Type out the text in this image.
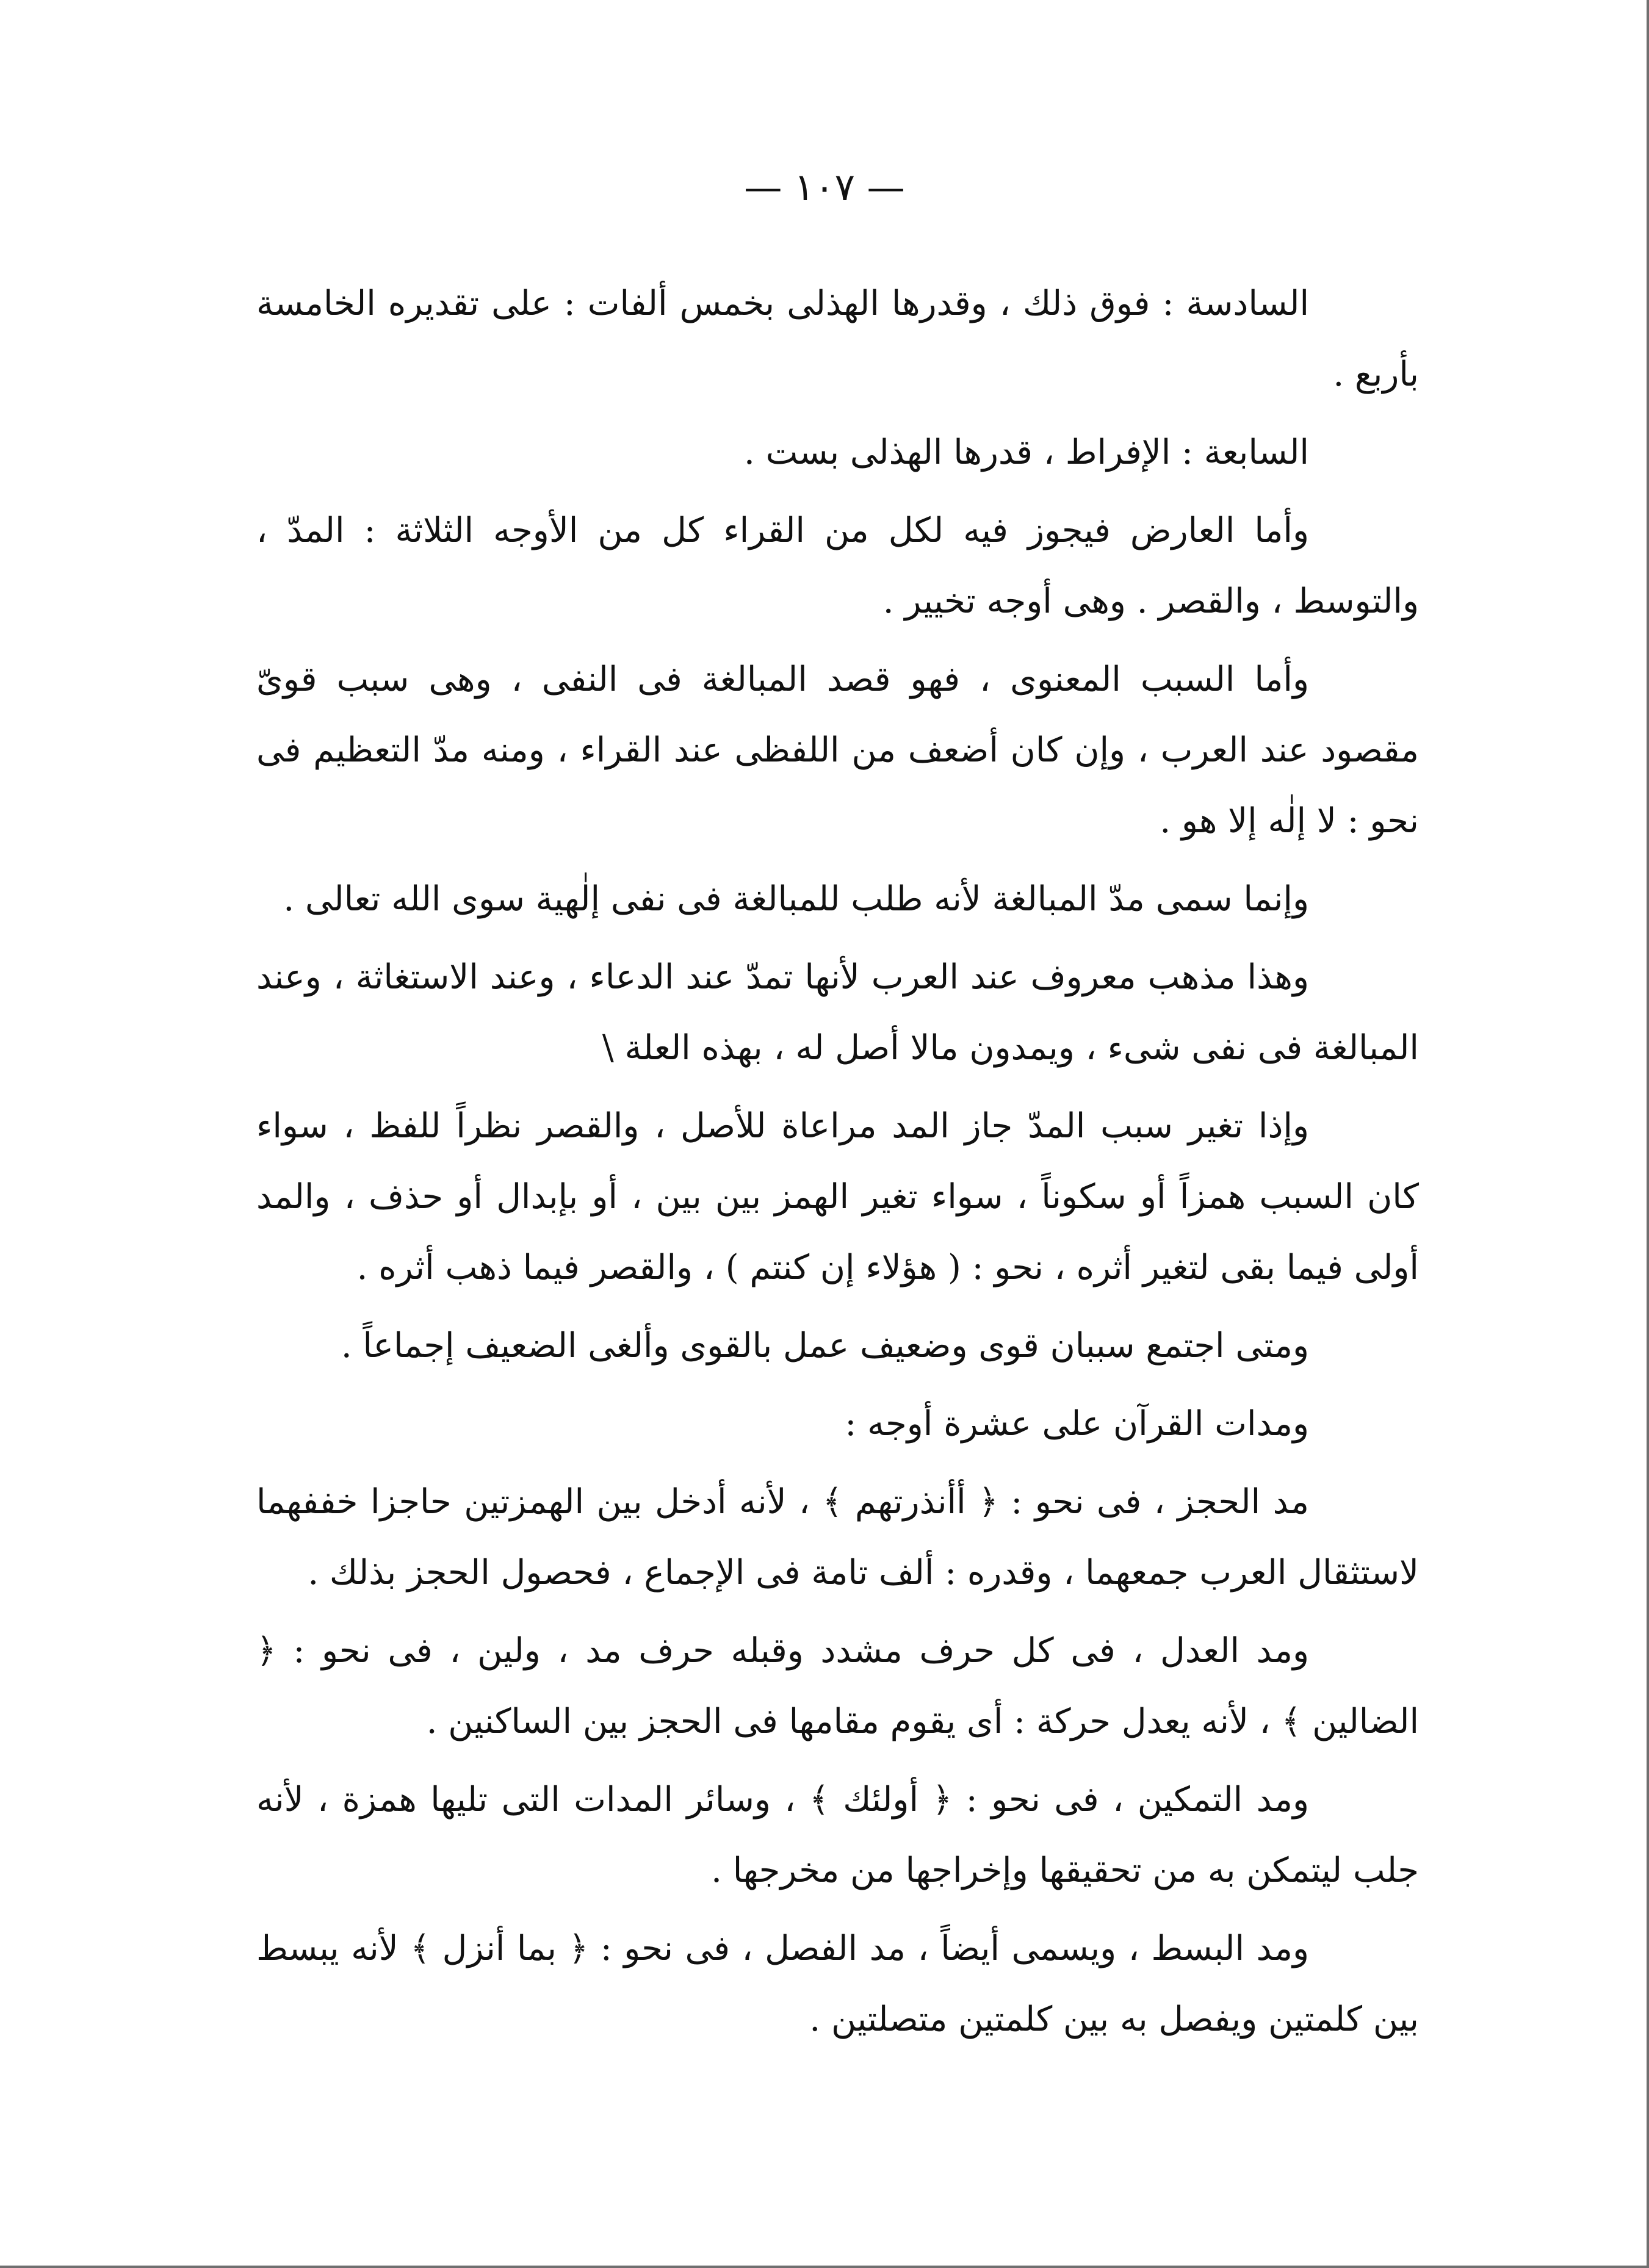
— ١٠٧ —

السادسة : فوق ذلك ، وقدرها الهذلى بخمس ألفات : على تقديره الخامسة بأربع .

السابعة : الإفراط ، قدرها الهذلى بست .

وأما العارض فيجوز فيه لكل من القراء كل من الأوجه الثلاثة : المدّ ، والتوسط ، والقصر . وهى أوجه تخيير .

وأما السبب المعنوى ، فهو قصد المبالغة فى النفى ، وهى سبب قوىّ مقصود عند العرب ، وإن كان أضعف من اللفظى عند القراء ، ومنه مدّ التعظيم فى نحو : لا إلٰه إلا هو .

وإنما سمى مدّ المبالغة لأنه طلب للمبالغة فى نفى إلٰهية سوى الله تعالى .

وهذا مذهب معروف عند العرب لأنها تمدّ عند الدعاء ، وعند الاستغاثة ، وعند المبالغة فى نفى شىء ، ويمدون مالا أصل له ، بهذه العلة \

وإذا تغير سبب المدّ جاز المد مراعاة للأصل ، والقصر نظراً للفظ ، سواء كان السبب همزاً أو سكوناً ، سواء تغير الهمز بين بين ، أو بإبدال أو حذف ، والمد أولى فيما بقى لتغير أثره ، نحو : ( هؤلاء إن كنتم ) ، والقصر فيما ذهب أثره .

ومتى اجتمع سببان قوى وضعيف عمل بالقوى وألغى الضعيف إجماعاً .

ومدات القرآن على عشرة أوجه :

مد الحجز ، فى نحو : ﴿ أأنذرتهم ﴾ ، لأنه أدخل بين الهمزتين حاجزا خففهما لاستثقال العرب جمعهما ، وقدره : ألف تامة فى الإجماع ، فحصول الحجز بذلك .

ومد العدل ، فى كل حرف مشدد وقبله حرف مد ، ولين ، فى نحو : ﴿ الضالين ﴾ ، لأنه يعدل حركة : أى يقوم مقامها فى الحجز بين الساكنين .

ومد التمكين ، فى نحو : ﴿ أولئك ﴾ ، وسائر المدات التى تليها همزة ، لأنه جلب ليتمكن به من تحقيقها وإخراجها من مخرجها .

ومد البسط ، ويسمى أيضاً ، مد الفصل ، فى نحو : ﴿ بما أنزل ﴾ لأنه يبسط بين كلمتين ويفصل به بين كلمتين متصلتين .
